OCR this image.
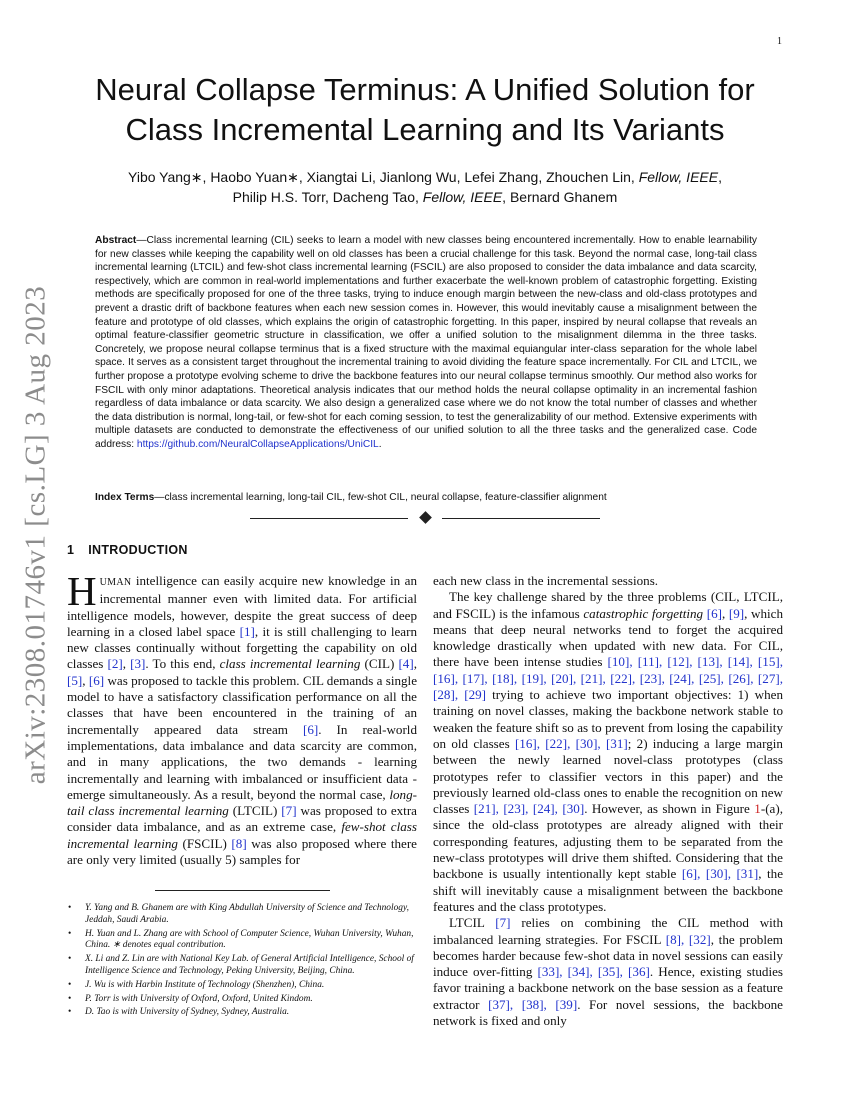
1
arXiv:2308.01746v1 [cs.LG] 3 Aug 2023
Neural Collapse Terminus: A Unified Solution for
Class Incremental Learning and Its Variants
Yibo Yang∗, Haobo Yuan∗, Xiangtai Li, Jianlong Wu, Lefei Zhang, Zhouchen Lin, Fellow, IEEE,
Philip H.S. Torr, Dacheng Tao, Fellow, IEEE, Bernard Ghanem

Abstract—Class incremental learning (CIL) seeks to learn a model with new classes being encountered incrementally. How to enable learnability for new classes while keeping the capability well on old classes has been a crucial challenge for this task. Beyond the normal case, long-tail class incremental learning (LTCIL) and few-shot class incremental learning (FSCIL) are also proposed to consider the data imbalance and data scarcity, respectively, which are common in real-world implementations and further exacerbate the well-known problem of catastrophic forgetting. Existing methods are specifically proposed for one of the three tasks, trying to induce enough margin between the new-class and old-class prototypes and prevent a drastic drift of backbone features when each new session comes in. However, this would inevitably cause a misalignment between the feature and prototype of old classes, which explains the origin of catastrophic forgetting. In this paper, inspired by neural collapse that reveals an optimal feature-classifier geometric structure in classification, we offer a unified solution to the misalignment dilemma in the three tasks. Concretely, we propose neural collapse terminus that is a fixed structure with the maximal equiangular inter-class separation for the whole label space. It serves as a consistent target throughout the incremental training to avoid dividing the feature space incrementally. For CIL and LTCIL, we further propose a prototype evolving scheme to drive the backbone features into our neural collapse terminus smoothly. Our method also works for FSCIL with only minor adaptations. Theoretical analysis indicates that our method holds the neural collapse optimality in an incremental fashion regardless of data imbalance or data scarcity. We also design a generalized case where we do not know the total number of classes and whether the data distribution is normal, long-tail, or few-shot for each coming session, to test the generalizability of our method. Extensive experiments with multiple datasets are conducted to demonstrate the effectiveness of our unified solution to all the three tasks and the generalized case. Code address: https://github.com/NeuralCollapseApplications/UniCIL.

Index Terms—class incremental learning, long-tail CIL, few-shot CIL, neural collapse, feature-classifier alignment

1 INTRODUCTION

HUMAN intelligence can easily acquire new knowledge in an incremental manner even with limited data. For artificial intelligence models, however, despite the great success of deep learning in a closed label space [1], it is still challenging to learn new classes continually without forgetting the capability on old classes [2], [3]. To this end, class incremental learning (CIL) [4], [5], [6] was proposed to tackle this problem. CIL demands a single model to have a satisfactory classification performance on all the classes that have been encountered in the training of an incrementally appeared data stream [6]. In real-world implementations, data imbalance and data scarcity are common, and in many applications, the two demands - learning incrementally and learning with imbalanced or insufficient data - emerge simultaneously. As a result, beyond the normal case, long-tail class incremental learning (LTCIL) [7] was proposed to extra consider data imbalance, and as an extreme case, few-shot class incremental learning (FSCIL) [8] was also proposed where there are only very limited (usually 5) samples for

each new class in the incremental sessions.

The key challenge shared by the three problems (CIL, LTCIL, and FSCIL) is the infamous catastrophic forgetting [6], [9], which means that deep neural networks tend to forget the acquired knowledge drastically when updated with new data. For CIL, there have been intense studies [10], [11], [12], [13], [14], [15], [16], [17], [18], [19], [20], [21], [22], [23], [24], [25], [26], [27], [28], [29] trying to achieve two important objectives: 1) when training on novel classes, making the backbone network stable to weaken the feature shift so as to prevent from losing the capability on old classes [16], [22], [30], [31]; 2) inducing a large margin between the newly learned novel-class prototypes (class prototypes refer to classifier vectors in this paper) and the previously learned old-class ones to enable the recognition on new classes [21], [23], [24], [30]. However, as shown in Figure 1-(a), since the old-class prototypes are already aligned with their corresponding features, adjusting them to be separated from the new-class prototypes will drive them shifted. Considering that the backbone is usually intentionally kept stable [6], [30], [31], the shift will inevitably cause a misalignment between the backbone features and the class prototypes.

LTCIL [7] relies on combining the CIL method with imbalanced learning strategies. For FSCIL [8], [32], the problem becomes harder because few-shot data in novel sessions can easily induce over-fitting [33], [34], [35], [36]. Hence, existing studies favor training a backbone network on the base session as a feature extractor [37], [38], [39]. For novel sessions, the backbone network is fixed and only

• Y. Yang and B. Ghanem are with King Abdullah University of Science and Technology, Jeddah, Saudi Arabia.
• H. Yuan and L. Zhang are with School of Computer Science, Wuhan University, Wuhan, China. ∗ denotes equal contribution.
• X. Li and Z. Lin are with National Key Lab. of General Artificial Intelligence, School of Intelligence Science and Technology, Peking University, Beijing, China.
• J. Wu is with Harbin Institute of Technology (Shenzhen), China.
• P. Torr is with University of Oxford, Oxford, United Kindom.
• D. Tao is with University of Sydney, Sydney, Australia.
